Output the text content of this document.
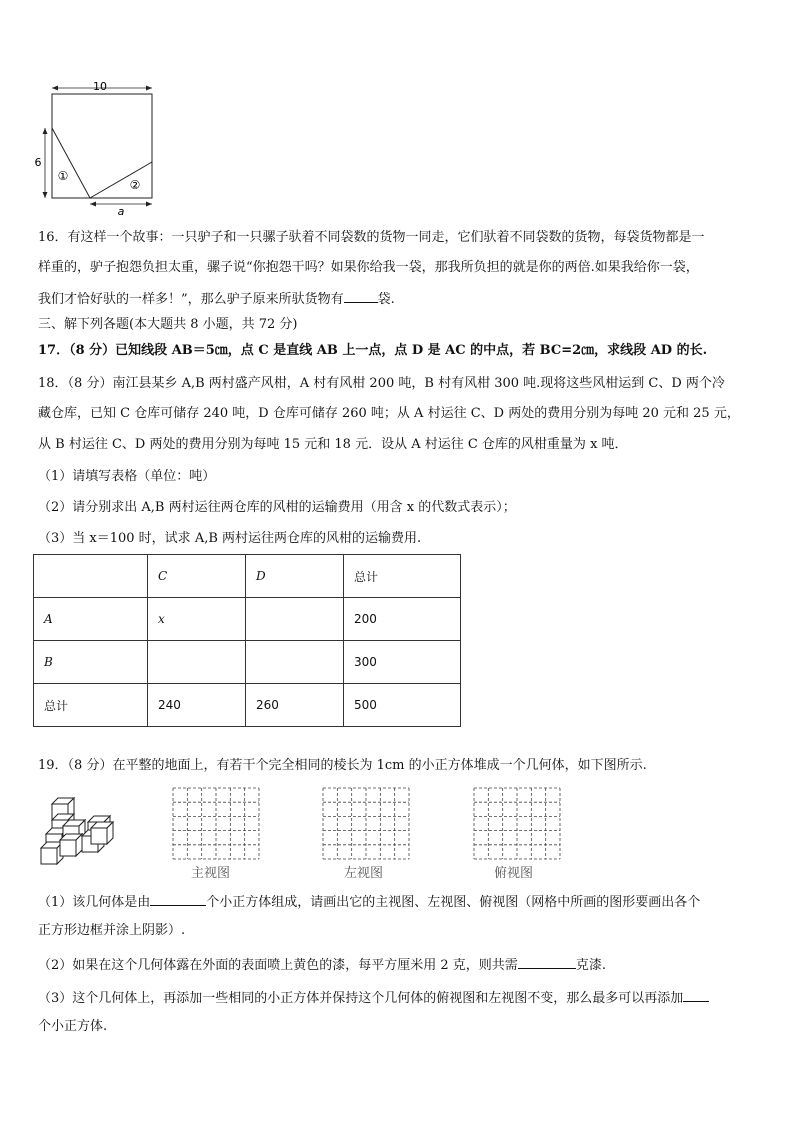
10
6
a
①
②
16．有这样一个故事：一只驴子和一只骡子驮着不同袋数的货物一同走，它们驮着不同袋数的货物，每袋货物都是一
样重的，驴子抱怨负担太重，骡子说“你抱怨干吗？如果你给我一袋，那我所负担的就是你的两倍.如果我给你一袋，
我们才恰好驮的一样多！”，那么驴子原来所驮货物有	袋.
三、解下列各题(本大题共 8 小题，共 72 分)
17．（8 分）已知线段 AB＝5㎝，点 C 是直线 AB 上一点，点 D 是 AC 的中点，若 BC=2㎝，求线段 AD 的长.
18．（8 分）南江县某乡 A,B 两村盛产风柑，A 村有风柑 200 吨，B 村有风柑 300 吨.现将这些风柑运到 C、D 两个冷
藏仓库，已知 C 仓库可储存 240 吨，D 仓库可储存 260 吨；从 A 村运往 C、D 两处的费用分别为每吨 20 元和 25 元，
从 B 村运往 C、D 两处的费用分别为每吨 15 元和 18 元．设从 A 村运往 C 仓库的风柑重量为 x 吨．
（1）请填写表格（单位：吨）
（2）请分别求出 A,B 两村运往两仓库的风柑的运输费用（用含 x 的代数式表示）；
（3）当 x＝100 时，试求 A,B 两村运往两仓库的风柑的运输费用.
	C	D	总计
A	x		200
B			300
总计	240	260	500
19．（8 分）在平整的地面上，有若干个完全相同的棱长为 1cm 的小正方体堆成一个几何体，如下图所示.
主视图	左视图	俯视图
（1）该几何体是由	个小正方体组成，请画出它的主视图、左视图、俯视图（网格中所画的图形要画出各个
正方形边框并涂上阴影）.
（2）如果在这个几何体露在外面的表面喷上黄色的漆，每平方厘米用 2 克，则共需	克漆.
（3）这个几何体上，再添加一些相同的小正方体并保持这个几何体的俯视图和左视图不变，那么最多可以再添加
个小正方体.
